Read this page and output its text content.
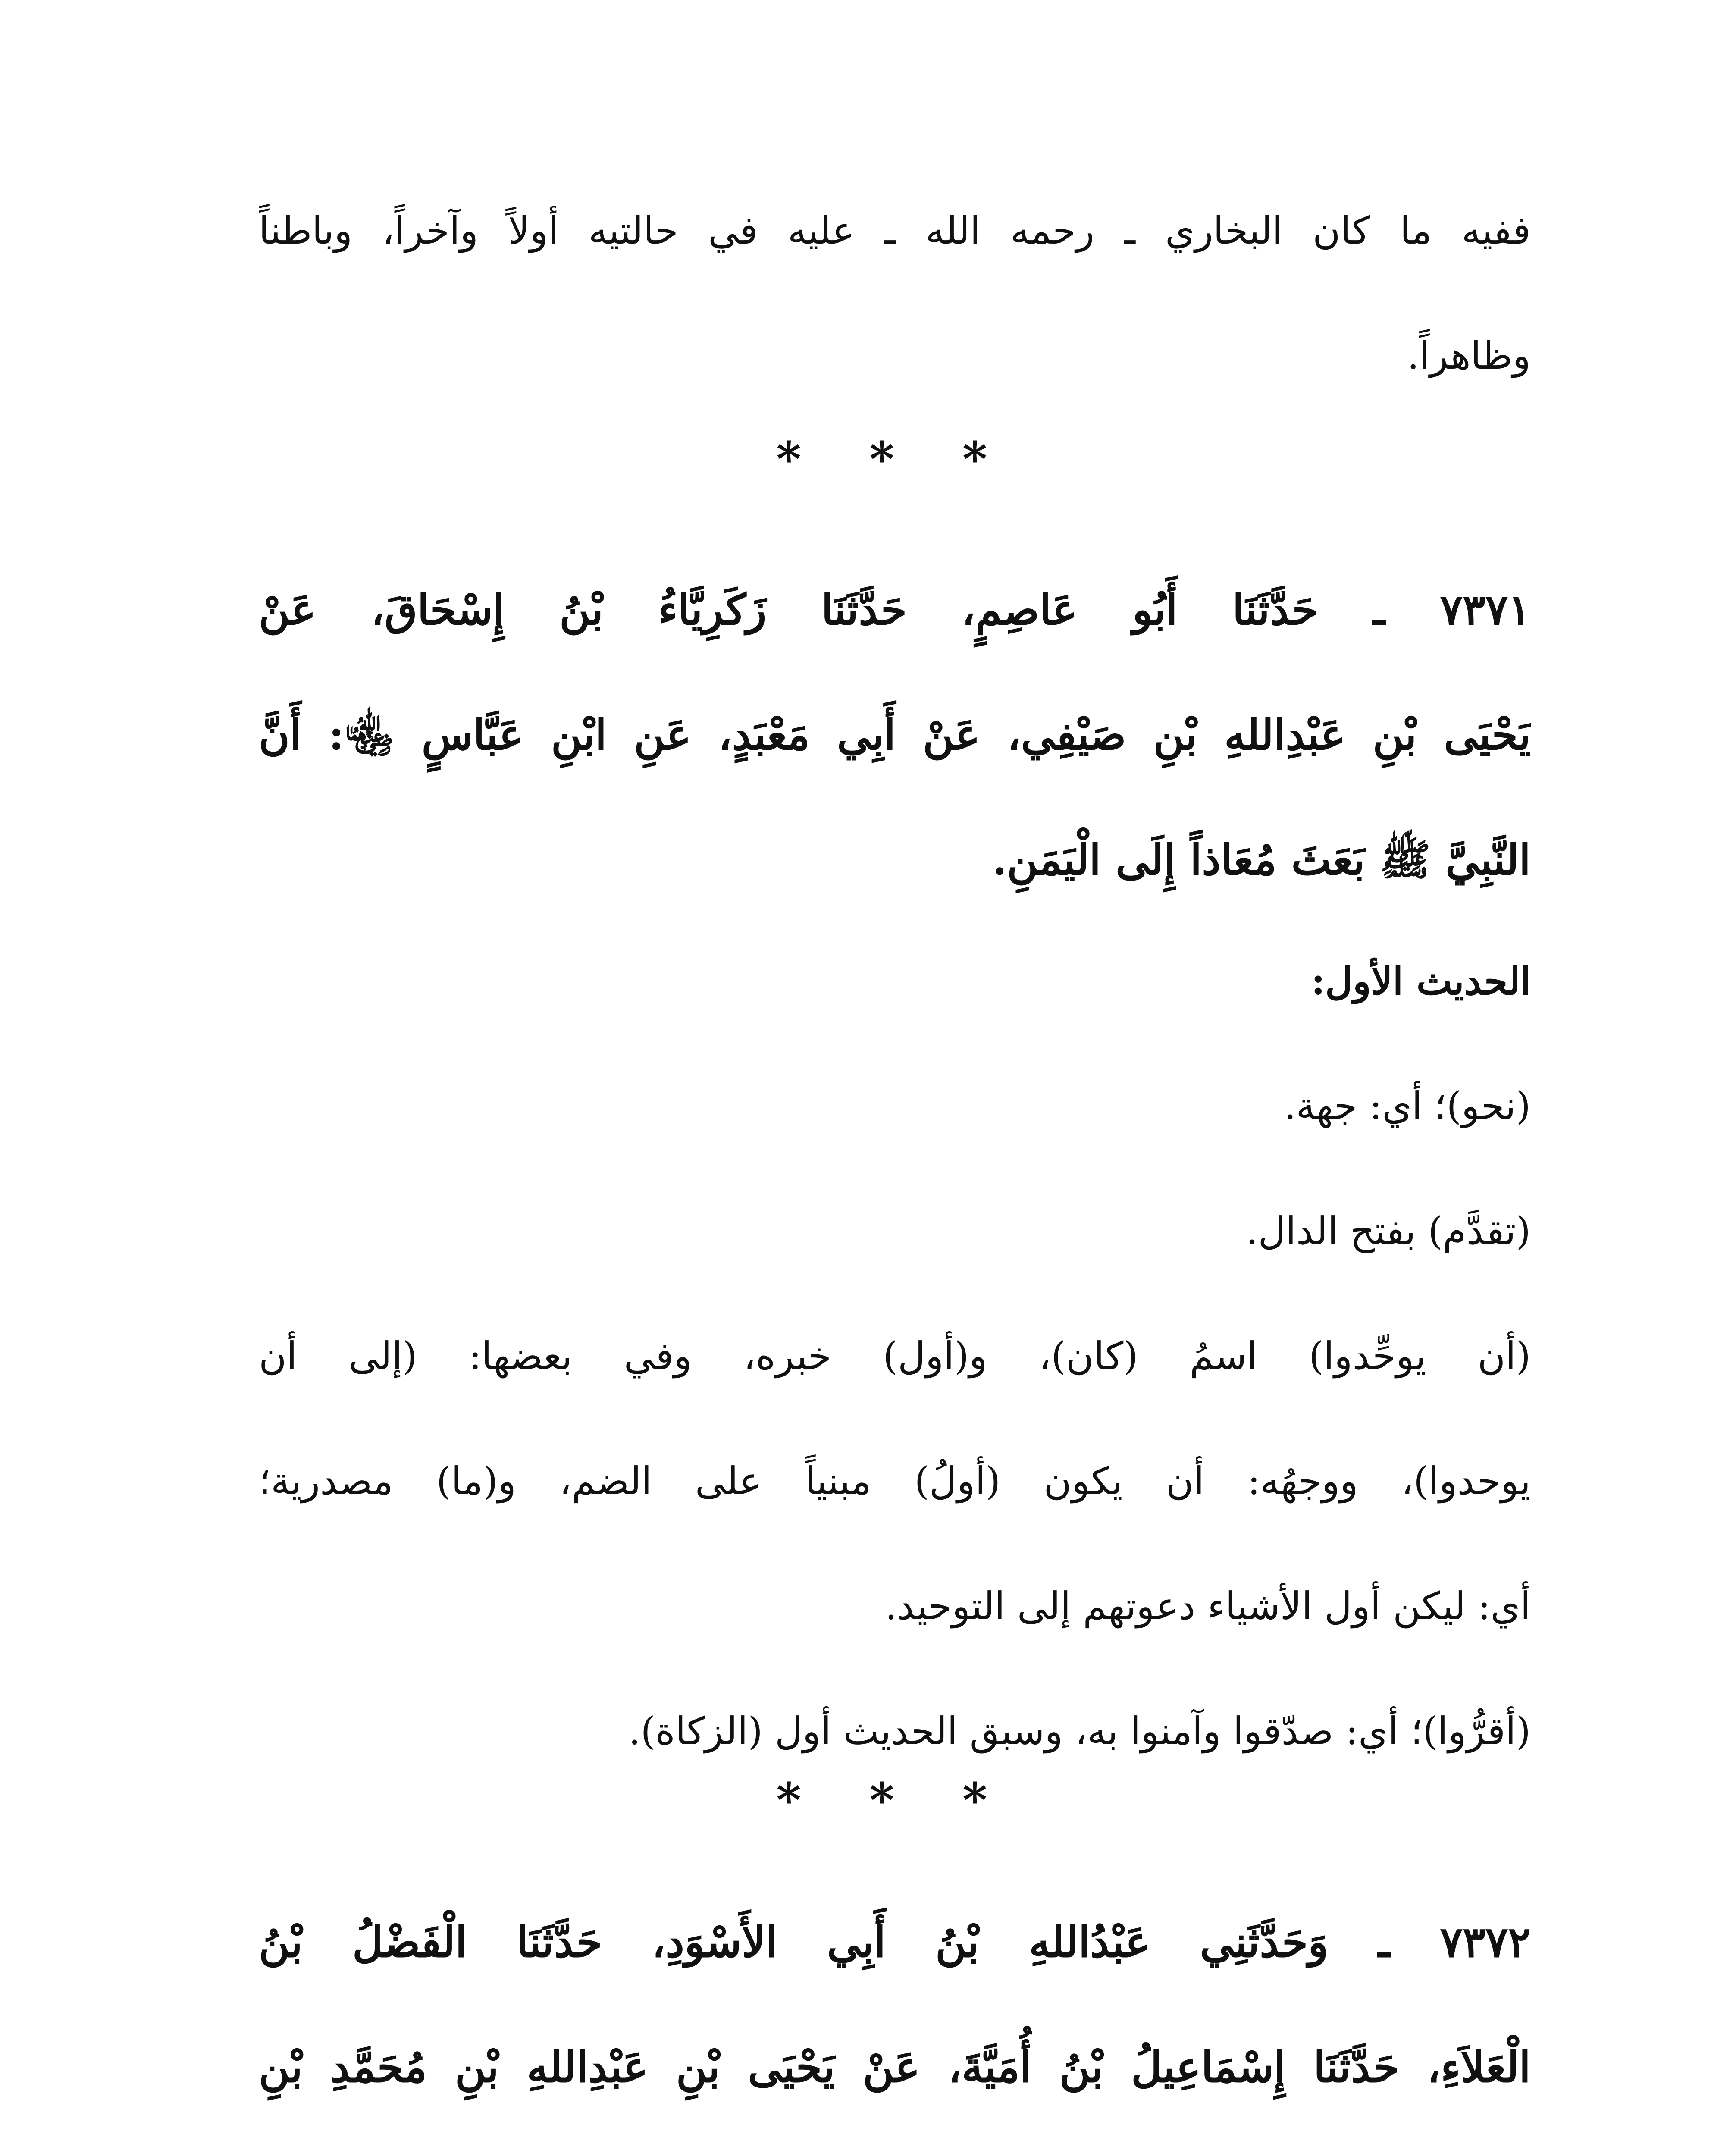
ففيه ما كان البخاري ـ رحمه الله ـ عليه في حالتيه أولاً وآخراً، وباطناً
وظاهراً.
* * *
٧٣٧١ ـ حَدَّثَنَا أَبُو عَاصِمٍ، حَدَّثَنَا زَكَرِيَّاءُ بْنُ إِسْحَاقَ، عَنْ
يَحْيَى بْنِ عَبْدِاللهِ بْنِ صَيْفِي، عَنْ أَبِي مَعْبَدٍ، عَنِ ابْنِ عَبَّاسٍ ﵄: أَنَّ
النَّبِيَّ ﷺ بَعَثَ مُعَاذاً إِلَى الْيَمَنِ.
الحديث الأول:
(نحو)؛ أي: جهة.
(تقدَّم) بفتح الدال.
(أن يوحِّدوا) اسمُ (كان)، و(أول) خبره، وفي بعضها: (إلى أن
يوحدوا)، ووجهُه: أن يكون (أولُ) مبنياً على الضم، و(ما) مصدرية؛
أي: ليكن أول الأشياء دعوتهم إلى التوحيد.
(أقرُّوا)؛ أي: صدّقوا وآمنوا به، وسبق الحديث أول (الزكاة).
* * *
٧٣٧٢ ـ وَحَدَّثَنِي عَبْدُاللهِ بْنُ أَبِي الأَسْوَدِ، حَدَّثَنَا الْفَضْلُ بْنُ
الْعَلاَءِ، حَدَّثَنَا إِسْمَاعِيلُ بْنُ أُمَيَّةَ، عَنْ يَحْيَى بْنِ عَبْدِاللهِ بْنِ مُحَمَّدِ بْنِ
